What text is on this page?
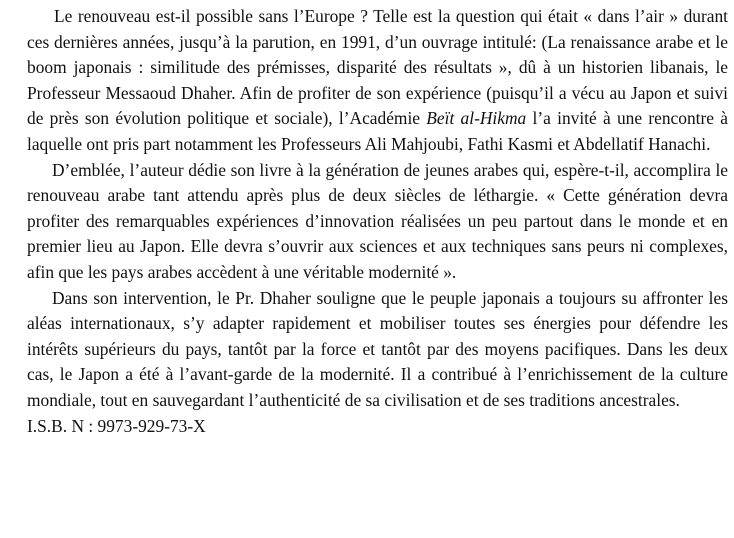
Le renouveau est-il possible sans l’Europe ? Telle est la question qui était « dans l’air » durant ces dernières années, jusqu’à la parution, en 1991, d’un ouvrage intitulé: (La renaissance arabe et le boom japonais : similitude des prémisses, disparité des résultats », dû à un historien libanais, le Professeur Messaoud Dhaher. Afin de profiter de son expérience (puisqu’il a vécu au Japon et suivi de près son évolution politique et sociale), l’Académie Beït al-Hikma l’a invité à une rencontre à laquelle ont pris part notamment les Professeurs Ali Mahjoubi, Fathi Kasmi et Abdellatif Hanachi.

D’emblée, l’auteur dédie son livre à la génération de jeunes arabes qui, espère-t-il, accomplira le renouveau arabe tant attendu après plus de deux siècles de léthargie. « Cette génération devra profiter des remarquables expériences d’innovation réalisées un peu partout dans le monde et en premier lieu au Japon. Elle devra s’ouvrir aux sciences et aux techniques sans peurs ni complexes, afin que les pays arabes accèdent à une véritable modernité ».

Dans son intervention, le Pr. Dhaher souligne que le peuple japonais a toujours su affronter les aléas internationaux, s’y adapter rapidement et mobiliser toutes ses énergies pour défendre les intérêts supérieurs du pays, tantôt par la force et tantôt par des moyens pacifiques. Dans les deux cas, le Japon a été à l’avant-garde de la modernité. Il a contribué à l’enrichissement de la culture mondiale, tout en sauvegardant l’authenticité de sa civilisation et de ses traditions ancestrales.

I.S.B. N : 9973-929-73-X
